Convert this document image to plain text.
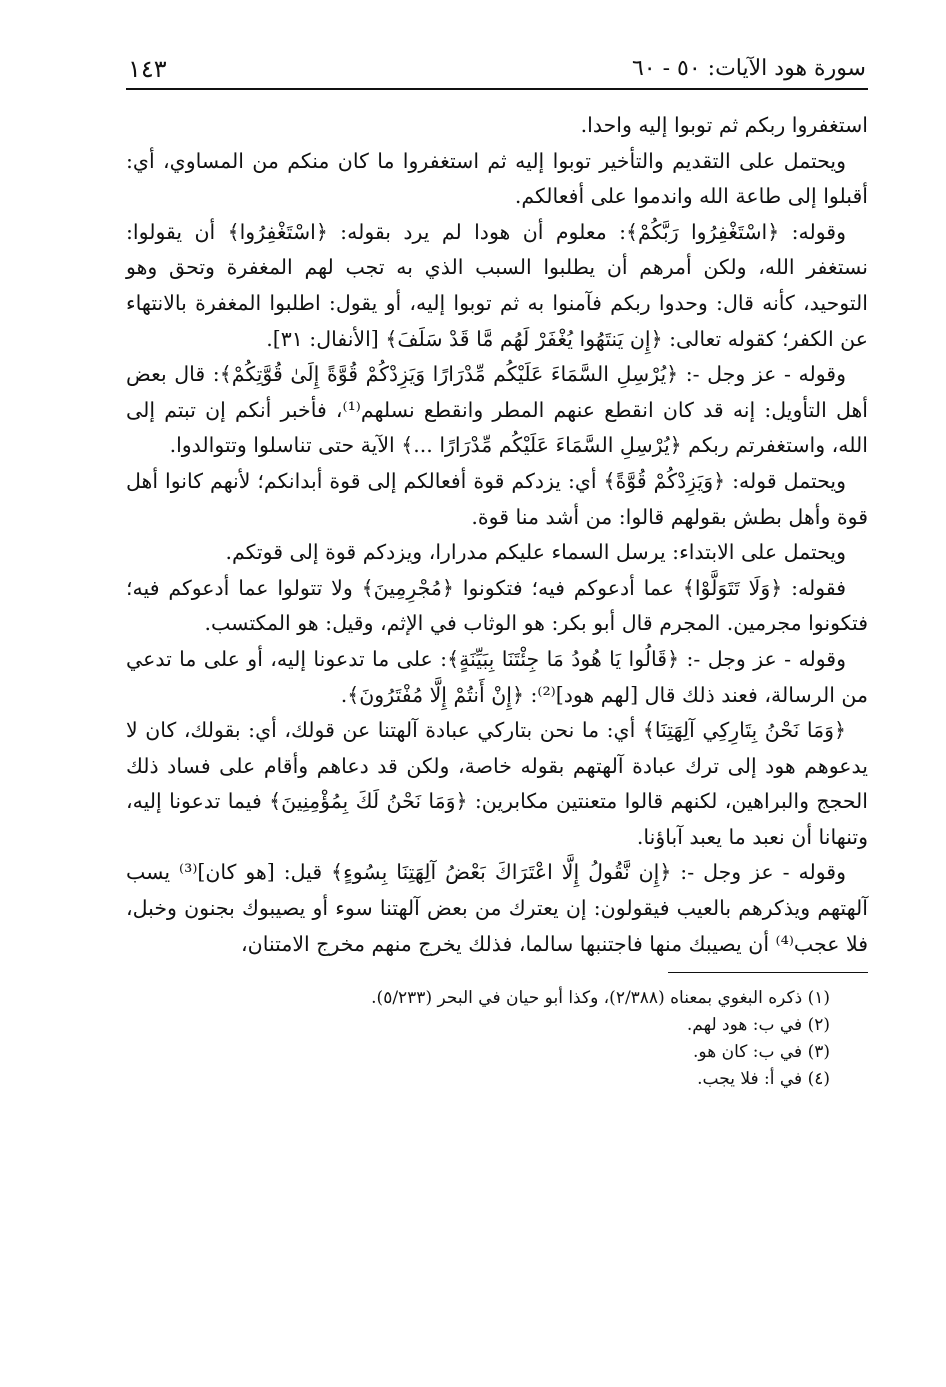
سورة هود الآيات: ٥٠ - ٦٠
١٤٣

استغفروا ربكم ثم توبوا إليه واحدا.

ويحتمل على التقديم والتأخير توبوا إليه ثم استغفروا ما كان منكم من المساوي، أي: أقبلوا إلى طاعة الله واندموا على أفعالكم.

وقوله: ﴿اسْتَغْفِرُوا رَبَّكُمْ﴾: معلوم أن هودا لم يرد بقوله: ﴿اسْتَغْفِرُوا﴾ أن يقولوا: نستغفر الله، ولكن أمرهم أن يطلبوا السبب الذي به تجب لهم المغفرة وتحق وهو التوحيد، كأنه قال: وحدوا ربكم فآمنوا به ثم توبوا إليه، أو يقول: اطلبوا المغفرة بالانتهاء عن الكفر؛ كقوله تعالى: ﴿إِن يَنتَهُوا يُغْفَرْ لَهُم مَّا قَدْ سَلَفَ﴾ [الأنفال: ٣١].

وقوله - عز وجل -: ﴿يُرْسِلِ السَّمَاءَ عَلَيْكُم مِّدْرَارًا وَيَزِدْكُمْ قُوَّةً إِلَىٰ قُوَّتِكُمْ﴾: قال بعض أهل التأويل: إنه قد كان انقطع عنهم المطر وانقطع نسلهم⁽¹⁾، فأخبر أنكم إن تبتم إلى الله، واستغفرتم ربكم ﴿يُرْسِلِ السَّمَاءَ عَلَيْكُم مِّدْرَارًا ...﴾ الآية حتى تناسلوا وتتوالدوا.

ويحتمل قوله: ﴿وَيَزِدْكُمْ قُوَّةً﴾ أي: يزدكم قوة أفعالكم إلى قوة أبدانكم؛ لأنهم كانوا أهل قوة وأهل بطش بقولهم قالوا: من أشد منا قوة.

ويحتمل على الابتداء: يرسل السماء عليكم مدرارا، ويزدكم قوة إلى قوتكم.

فقوله: ﴿وَلَا تَتَوَلَّوْا﴾ عما أدعوكم فيه؛ فتكونوا ﴿مُجْرِمِينَ﴾ ولا تتولوا عما أدعوكم فيه؛ فتكونوا مجرمين. المجرم قال أبو بكر: هو الوثاب في الإثم، وقيل: هو المكتسب.

وقوله - عز وجل -: ﴿قَالُوا يَا هُودُ مَا جِئْتَنَا بِبَيِّنَةٍ﴾: على ما تدعونا إليه، أو على ما تدعي من الرسالة، فعند ذلك قال [لهم هود]⁽²⁾: ﴿إِنْ أَنتُمْ إِلَّا مُفْتَرُونَ﴾.

﴿وَمَا نَحْنُ بِتَارِكِي آلِهَتِنَا﴾ أي: ما نحن بتاركي عبادة آلهتنا عن قولك، أي: بقولك، كان لا يدعوهم هود إلى ترك عبادة آلهتهم بقوله خاصة، ولكن قد دعاهم وأقام على فساد ذلك الحجج والبراهين، لكنهم قالوا متعنتين مكابرين: ﴿وَمَا نَحْنُ لَكَ بِمُؤْمِنِينَ﴾ فيما تدعونا إليه، وتنهانا أن نعبد ما يعبد آباؤنا.

وقوله - عز وجل -: ﴿إِن نَّقُولُ إِلَّا اعْتَرَاكَ بَعْضُ آلِهَتِنَا بِسُوءٍ﴾ قيل: [هو كان]⁽³⁾ يسب آلهتهم ويذكرهم بالعيب فيقولون: إن يعترك من بعض آلهتنا سوء أو يصيبوك بجنون وخبل، فلا عجب⁽⁴⁾ أن يصيبك منها فاجتنبها سالما، فذلك يخرج منهم مخرج الامتنان،

(١) ذكره البغوي بمعناه (٢/٣٨٨)، وكذا أبو حيان في البحر (٥/٢٣٣).
(٢) في ب: هود لهم.
(٣) في ب: كان هو.
(٤) في أ: فلا يجب.
